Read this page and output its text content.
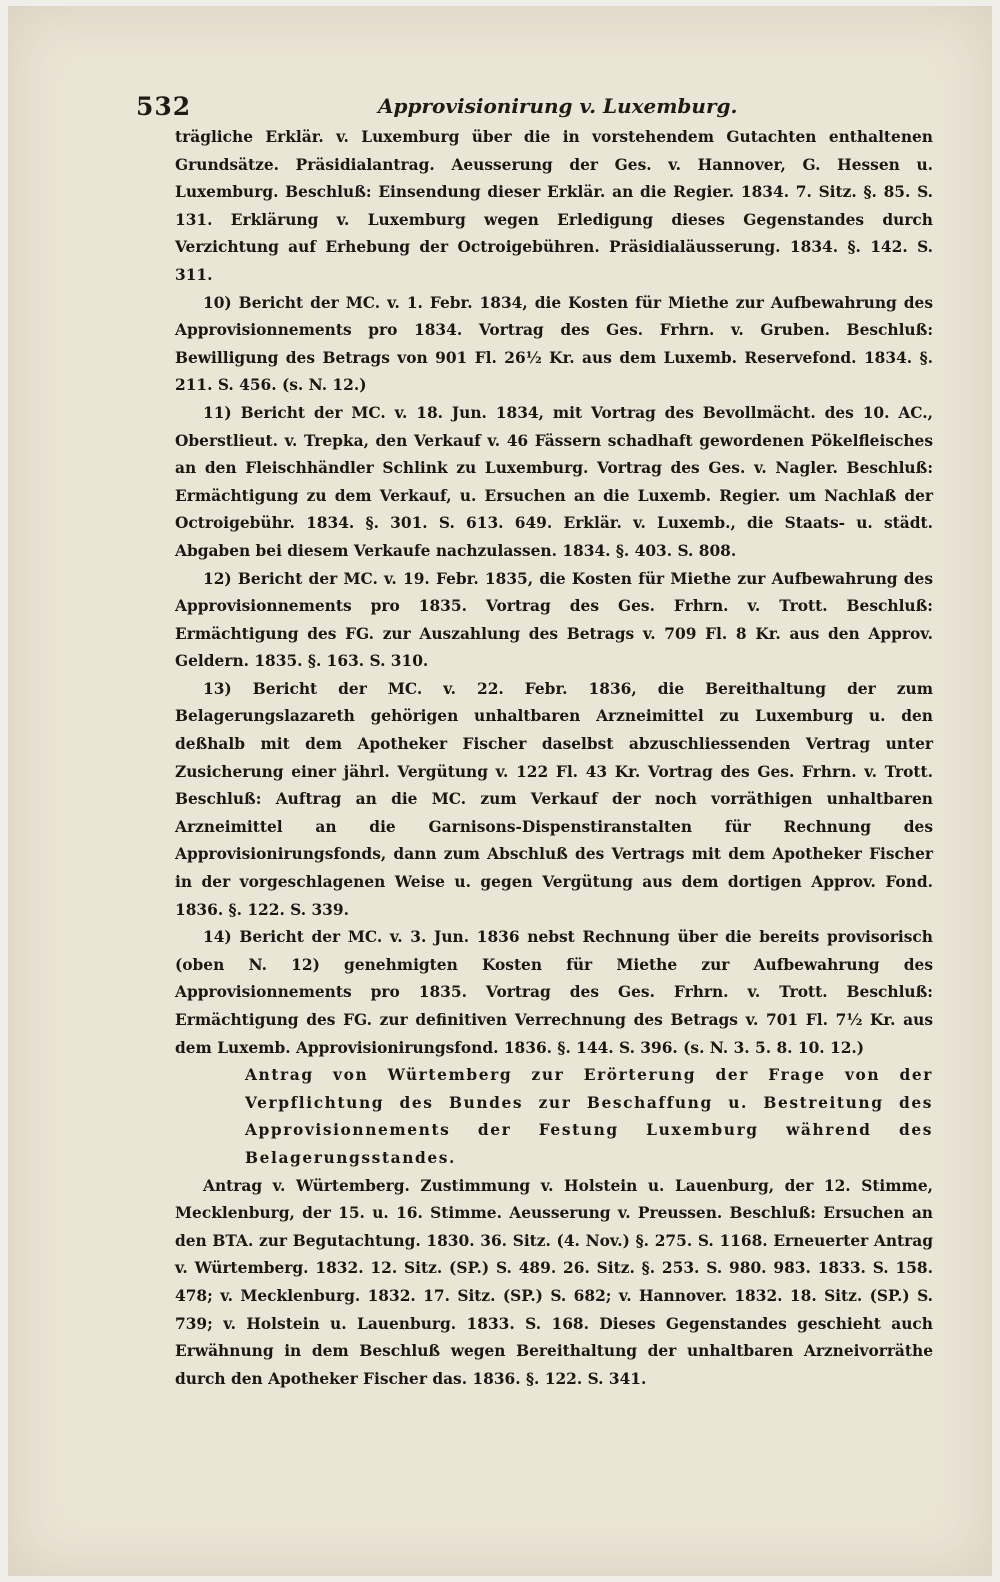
532	Approvisionirung v. Luxemburg.

trägliche Erklär. v. Luxemburg über die in vorstehendem Gutachten enthaltenen Grundsätze. Präsidialantrag. Aeusserung der Ges. v. Hannover, G. Hessen u. Luxemburg. Beschluß: Einsendung dieser Erklär. an die Regier. 1834. 7. Sitz. §. 85. S. 131. Erklärung v. Luxemburg wegen Erledigung dieses Gegenstandes durch Verzichtung auf Erhebung der Octroigebühren. Präsidialäusserung. 1834. §. 142. S. 311.

10) Bericht der MC. v. 1. Febr. 1834, die Kosten für Miethe zur Aufbewahrung des Approvisionnements pro 1834. Vortrag des Ges. Frhrn. v. Gruben. Beschluß: Bewilligung des Betrags von 901 Fl. 26½ Kr. aus dem Luxemb. Reservefond. 1834. §. 211. S. 456. (s. N. 12.)

11) Bericht der MC. v. 18. Jun. 1834, mit Vortrag des Bevollmächt. des 10. AC., Oberstlieut. v. Trepka, den Verkauf v. 46 Fässern schadhaft gewordenen Pökelfleisches an den Fleischhändler Schlink zu Luxemburg. Vortrag des Ges. v. Nagler. Beschluß: Ermächtigung zu dem Verkauf, u. Ersuchen an die Luxemb. Regier. um Nachlaß der Octroigebühr. 1834. §. 301. S. 613. 649. Erklär. v. Luxemb., die Staats- u. städt. Abgaben bei diesem Verkaufe nachzulassen. 1834. §. 403. S. 808.

12) Bericht der MC. v. 19. Febr. 1835, die Kosten für Miethe zur Aufbewahrung des Approvisionnements pro 1835. Vortrag des Ges. Frhrn. v. Trott. Beschluß: Ermächtigung des FG. zur Auszahlung des Betrags v. 709 Fl. 8 Kr. aus den Approv. Geldern. 1835. §. 163. S. 310.

13) Bericht der MC. v. 22. Febr. 1836, die Bereithaltung der zum Belagerungslazareth gehörigen unhaltbaren Arzneimittel zu Luxemburg u. den deßhalb mit dem Apotheker Fischer daselbst abzuschliessenden Vertrag unter Zusicherung einer jährl. Vergütung v. 122 Fl. 43 Kr. Vortrag des Ges. Frhrn. v. Trott. Beschluß: Auftrag an die MC. zum Verkauf der noch vorräthigen unhaltbaren Arzneimittel an die Garnisons-Dispenstiranstalten für Rechnung des Approvisionirungsfonds, dann zum Abschluß des Vertrags mit dem Apotheker Fischer in der vorgeschlagenen Weise u. gegen Vergütung aus dem dortigen Approv. Fond. 1836. §. 122. S. 339.

14) Bericht der MC. v. 3. Jun. 1836 nebst Rechnung über die bereits provisorisch (oben N. 12) genehmigten Kosten für Miethe zur Aufbewahrung des Approvisionnements pro 1835. Vortrag des Ges. Frhrn. v. Trott. Beschluß: Ermächtigung des FG. zur definitiven Verrechnung des Betrags v. 701 Fl. 7½ Kr. aus dem Luxemb. Approvisionirungsfond. 1836. §. 144. S. 396. (s. N. 3. 5. 8. 10. 12.)

Antrag von Würtemberg zur Erörterung der Frage von der Verpflichtung des Bundes zur Beschaffung u. Bestreitung des Approvisionnements der Festung Luxemburg während des Belagerungsstandes.

Antrag v. Würtemberg. Zustimmung v. Holstein u. Lauenburg, der 12. Stimme, Mecklenburg, der 15. u. 16. Stimme. Aeusserung v. Preussen. Beschluß: Ersuchen an den BTA. zur Begutachtung. 1830. 36. Sitz. (4. Nov.) §. 275. S. 1168. Erneuerter Antrag v. Würtemberg. 1832. 12. Sitz. (SP.) S. 489. 26. Sitz. §. 253. S. 980. 983. 1833. S. 158. 478; v. Mecklenburg. 1832. 17. Sitz. (SP.) S. 682; v. Hannover. 1832. 18. Sitz. (SP.) S. 739; v. Holstein u. Lauenburg. 1833. S. 168. Dieses Gegenstandes geschieht auch Erwähnung in dem Beschluß wegen Bereithaltung der unhaltbaren Arzneivorräthe durch den Apotheker Fischer das. 1836. §. 122. S. 341.
